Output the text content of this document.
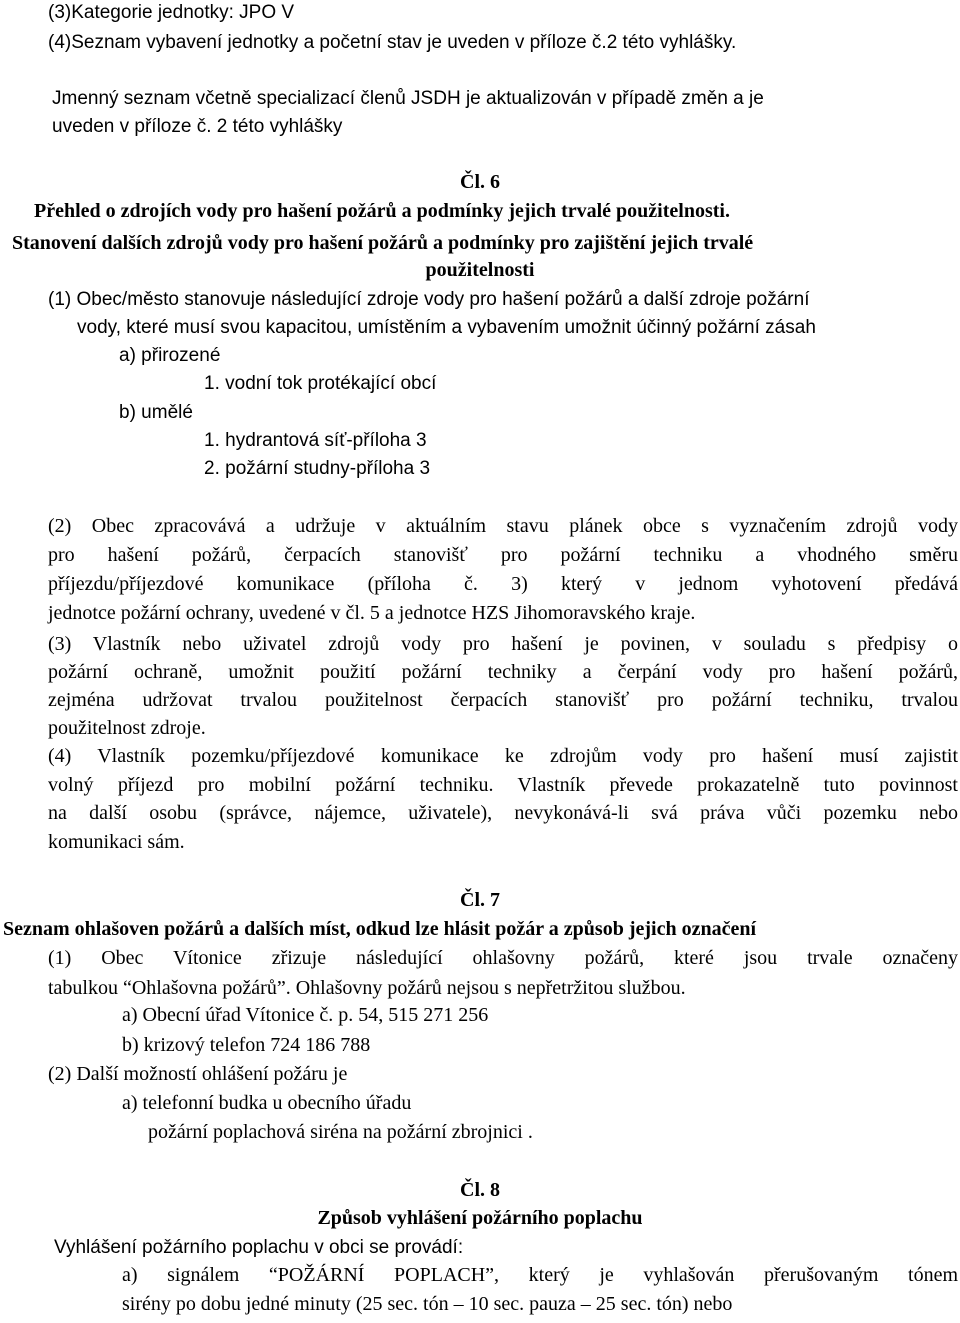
(3)Kategorie jednotky: JPO V
(4)Seznam vybavení jednotky a početní stav je uveden v příloze č.2 této vyhlášky.
Jmenný seznam včetně specializací členů JSDH je aktualizován v případě změn a je
uveden v příloze č. 2 této vyhlášky
Čl. 6
Přehled o zdrojích vody pro hašení požárů a podmínky jejich trvalé použitelnosti.
Stanovení dalších zdrojů vody pro hašení požárů a podmínky pro zajištění jejich trvalé
použitelnosti
(1) Obec/město stanovuje následující zdroje vody pro hašení požárů a další zdroje požární
vody, které musí svou kapacitou, umístěním a vybavením umožnit účinný požární zásah
a) přirozené
1. vodní tok protékající obcí
b) umělé
1. hydrantová síť-příloha 3
2. požární studny-příloha 3
(2) Obec zpracovává a udržuje v aktuálním stavu plánek obce s vyznačením zdrojů vody
pro hašení požárů, čerpacích stanovišť pro požární techniku a vhodného směru
příjezdu/příjezdové komunikace (příloha č. 3) který v jednom vyhotovení předává
jednotce požární ochrany, uvedené v čl. 5 a jednotce HZS Jihomoravského kraje.
(3) Vlastník nebo uživatel zdrojů vody pro hašení je povinen, v souladu s předpisy o
požární ochraně, umožnit použití požární techniky a čerpání vody pro hašení požárů,
zejména udržovat trvalou použitelnost čerpacích stanovišť pro požární techniku, trvalou
použitelnost zdroje.
(4) Vlastník pozemku/příjezdové komunikace ke zdrojům vody pro hašení musí zajistit
volný příjezd pro mobilní požární techniku. Vlastník převede prokazatelně tuto povinnost
na další osobu (správce, nájemce, uživatele), nevykonává-li svá práva vůči pozemku nebo
komunikaci sám.
Čl. 7
Seznam ohlašoven požárů a dalších míst, odkud lze hlásit požár a způsob jejich označení
(1) Obec Vítonice zřizuje následující ohlašovny požárů, které jsou trvale označeny
tabulkou “Ohlašovna požárů”. Ohlašovny požárů nejsou s nepřetržitou službou.
a) Obecní úřad Vítonice č. p. 54, 515 271 256
b) krizový telefon 724 186 788
(2) Další možností ohlášení požáru je
a) telefonní budka u obecního úřadu
požární poplachová siréna na požární zbrojnici .
Čl. 8
Způsob vyhlášení požárního poplachu
Vyhlášení požárního poplachu v obci se provádí:
a) signálem “POŽÁRNÍ POPLACH”, který je vyhlašován přerušovaným tónem
sirény po dobu jedné minuty (25 sec. tón – 10 sec. pauza – 25 sec. tón) nebo
